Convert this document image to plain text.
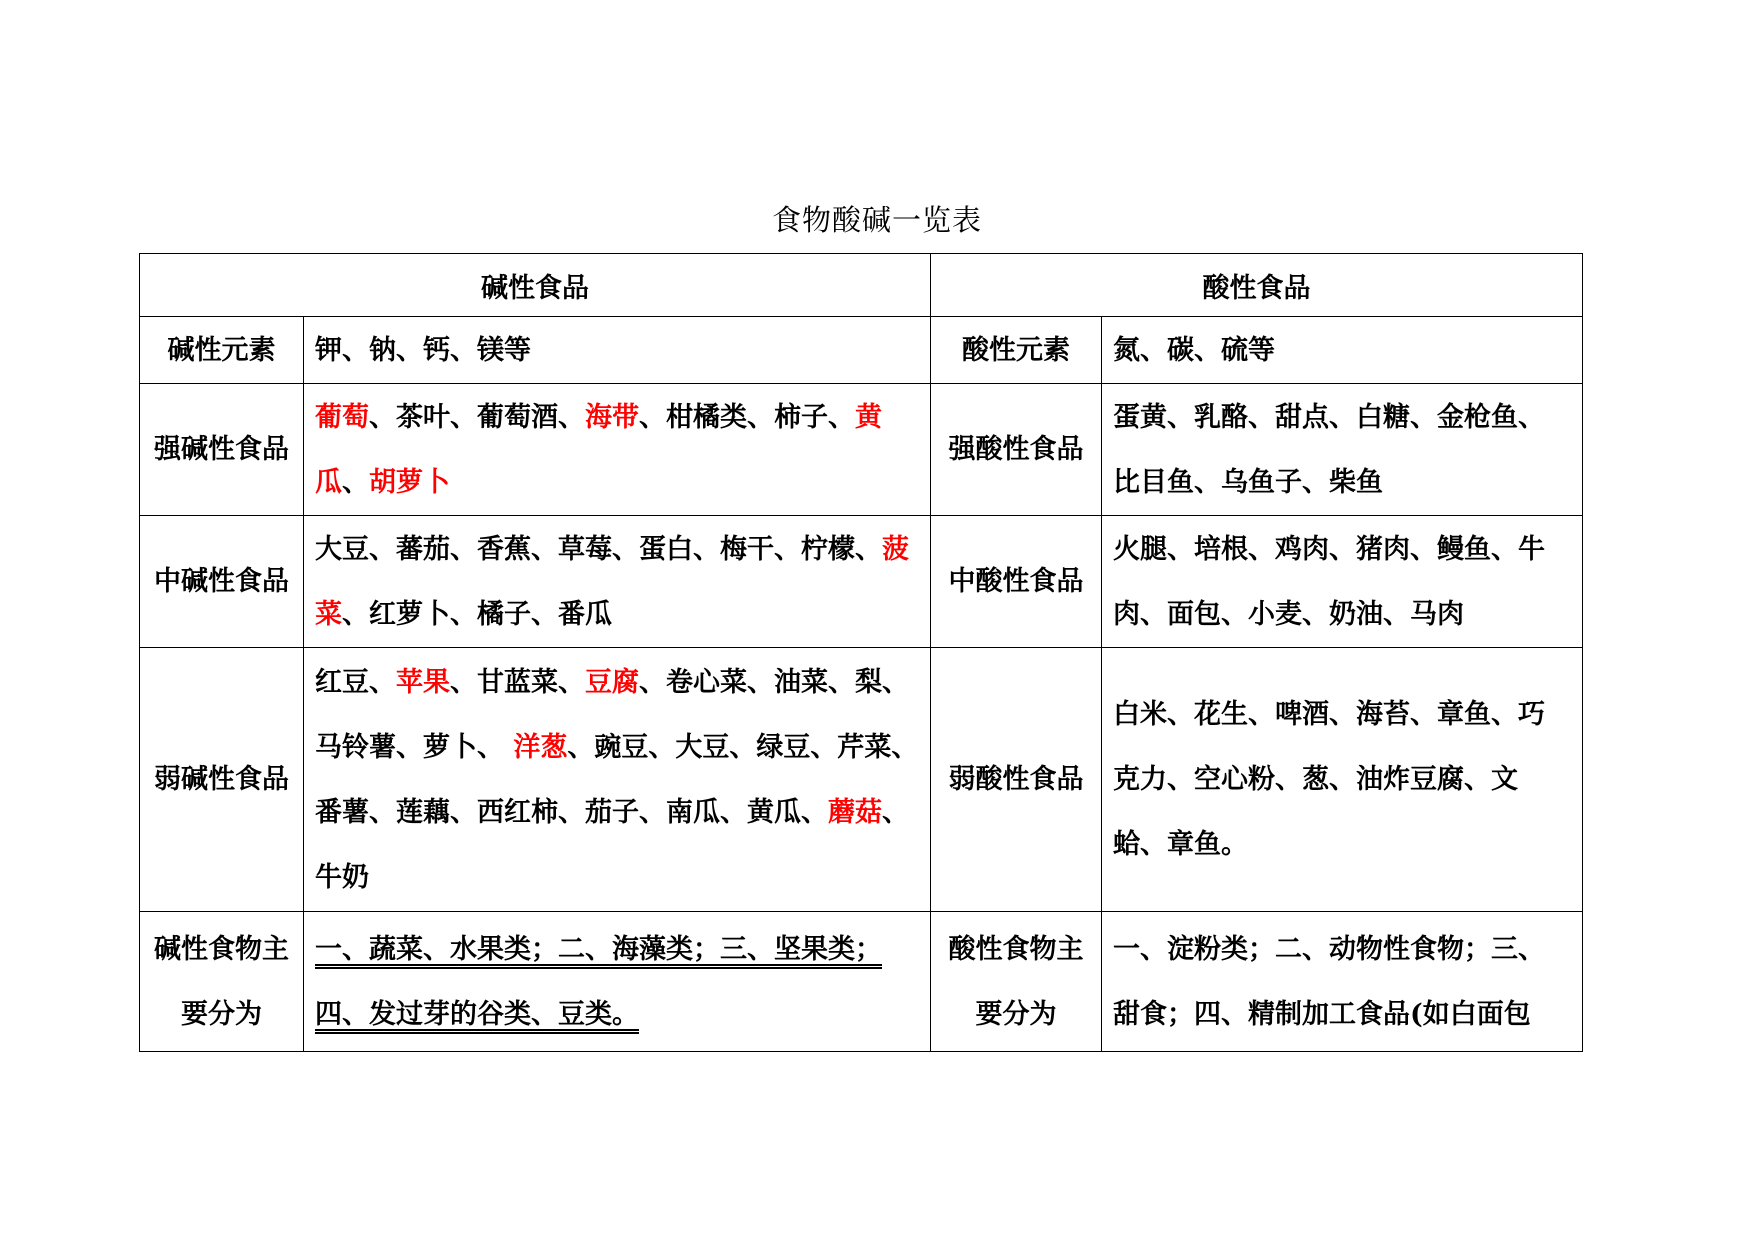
食物酸碱一览表
碱性食品		酸性食品	

碱性元素	钾、钠、钙、镁等	酸性元素	氮、碳、硫等

强碱性食品	葡萄、茶叶、葡萄酒、海带、柑橘类、柿子、黄瓜、胡萝卜	强酸性食品	蛋黄、乳酪、甜点、白糖、金枪鱼、比目鱼、乌鱼子、柴鱼

中碱性食品	大豆、蕃茄、香蕉、草莓、蛋白、梅干、柠檬、菠菜、红萝卜、橘子、番瓜	中酸性食品	火腿、培根、鸡肉、猪肉、鳗鱼、牛肉、面包、小麦、奶油、马肉

弱碱性食品	红豆、苹果、甘蓝菜、豆腐、卷心菜、油菜、梨、马铃薯、萝卜、 洋葱、豌豆、大豆、绿豆、芹菜、番薯、莲藕、西红柿、茄子、南瓜、黄瓜、蘑菇、牛奶	弱酸性食品	白米、花生、啤酒、海苔、章鱼、巧克力、空心粉、葱、油炸豆腐、文蛤、章鱼。

碱性食物主要分为	一、蔬菜、水果类；二、海藻类；三、坚果类；四、发过芽的谷类、豆类。	酸性食物主要分为	一、淀粉类；二、动物性食物；三、甜食；四、精制加工食品(如白面包
